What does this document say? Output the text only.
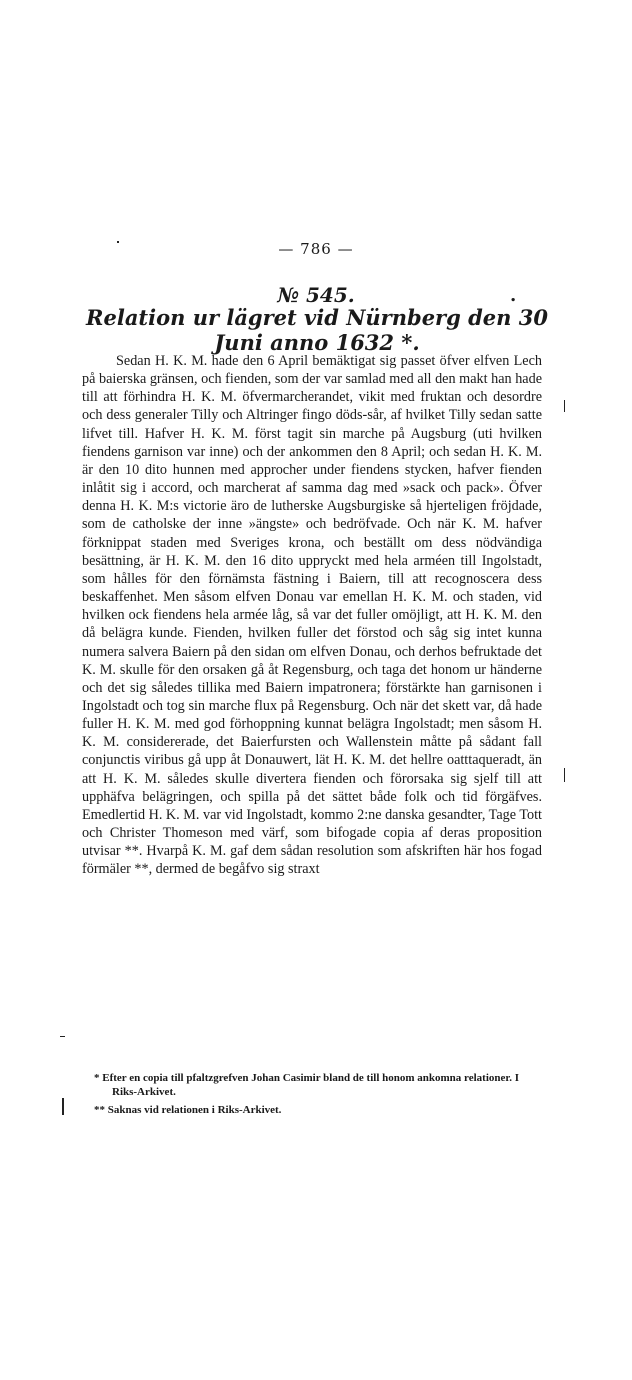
— 786 —
№ 545.	.
Relation ur lägret vid Nürnberg den 30 Juni anno 1632 *.

Sedan H. K. M. hade den 6 April bemäktigat sig passet öfver elfven Lech på baierska gränsen, och fienden, som der var samlad med all den makt han hade till att förhindra H. K. M. öfvermarcherandet, vikit med fruktan och desordre och dess generaler Tilly och Altringer fingo döds-sår, af hvilket Tilly sedan satte lifvet till. Hafver H. K. M. först tagit sin marche på Augsburg (uti hvilken fiendens garnison var inne) och der ankommen den 8 April; och sedan H. K. M. är den 10 dito hunnen med approcher under fiendens stycken, hafver fienden inlåtit sig i accord, och marcherat af samma dag med »sack och pack». Öfver denna H. K. M:s victorie äro de lutherske Augsburgiske så hjerteligen fröjdade, som de catholske der inne »ängste» och bedröfvade. Och när K. M. hafver förknippat staden med Sveriges krona, och beställt om dess nödvändiga besättning, är H. K. M. den 16 dito uppryckt med hela arméen till Ingolstadt, som hålles för den förnämsta fästning i Baiern, till att recognoscera dess beskaffenhet. Men såsom elfven Donau var emellan H. K. M. och staden, vid hvilken ock fiendens hela armée låg, så var det fuller omöjligt, att H. K. M. den då belägra kunde. Fienden, hvilken fuller det förstod och såg sig intet kunna numera salvera Baiern på den sidan om elfven Donau, och derhos befruktade det K. M. skulle för den orsaken gå åt Regensburg, och taga det honom ur händerne och det sig således tillika med Baiern impatronera; förstärkte han garnisonen i Ingolstadt och tog sin marche flux på Regensburg. Och när det skett var, då hade fuller H. K. M. med god förhoppning kunnat belägra Ingolstadt; men såsom H. K. M. considererade, det Baierfursten och Wallenstein måtte på sådant fall conjunctis viribus gå upp åt Donauwert, lät H. K. M. det hellre oatttaqueradt, än att H. K. M. således skulle divertera fienden och förorsaka sig sjelf till att upphäfva belägringen, och spilla på det sättet både folk och tid förgäfves. Emedlertid H. K. M. var vid Ingolstadt, kommo 2:ne danska gesandter, Tage Tott och Christer Thomeson med värf, som bifogade copia af deras proposition utvisar **. Hvarpå K. M. gaf dem sådan resolution som afskriften här hos fogad förmäler **, dermed de begåfvo sig straxt

* Efter en copia till pfaltzgrefven Johan Casimir bland de till honom ankomna relationer. I Riks-Arkivet.

** Saknas vid relationen i Riks-Arkivet.
